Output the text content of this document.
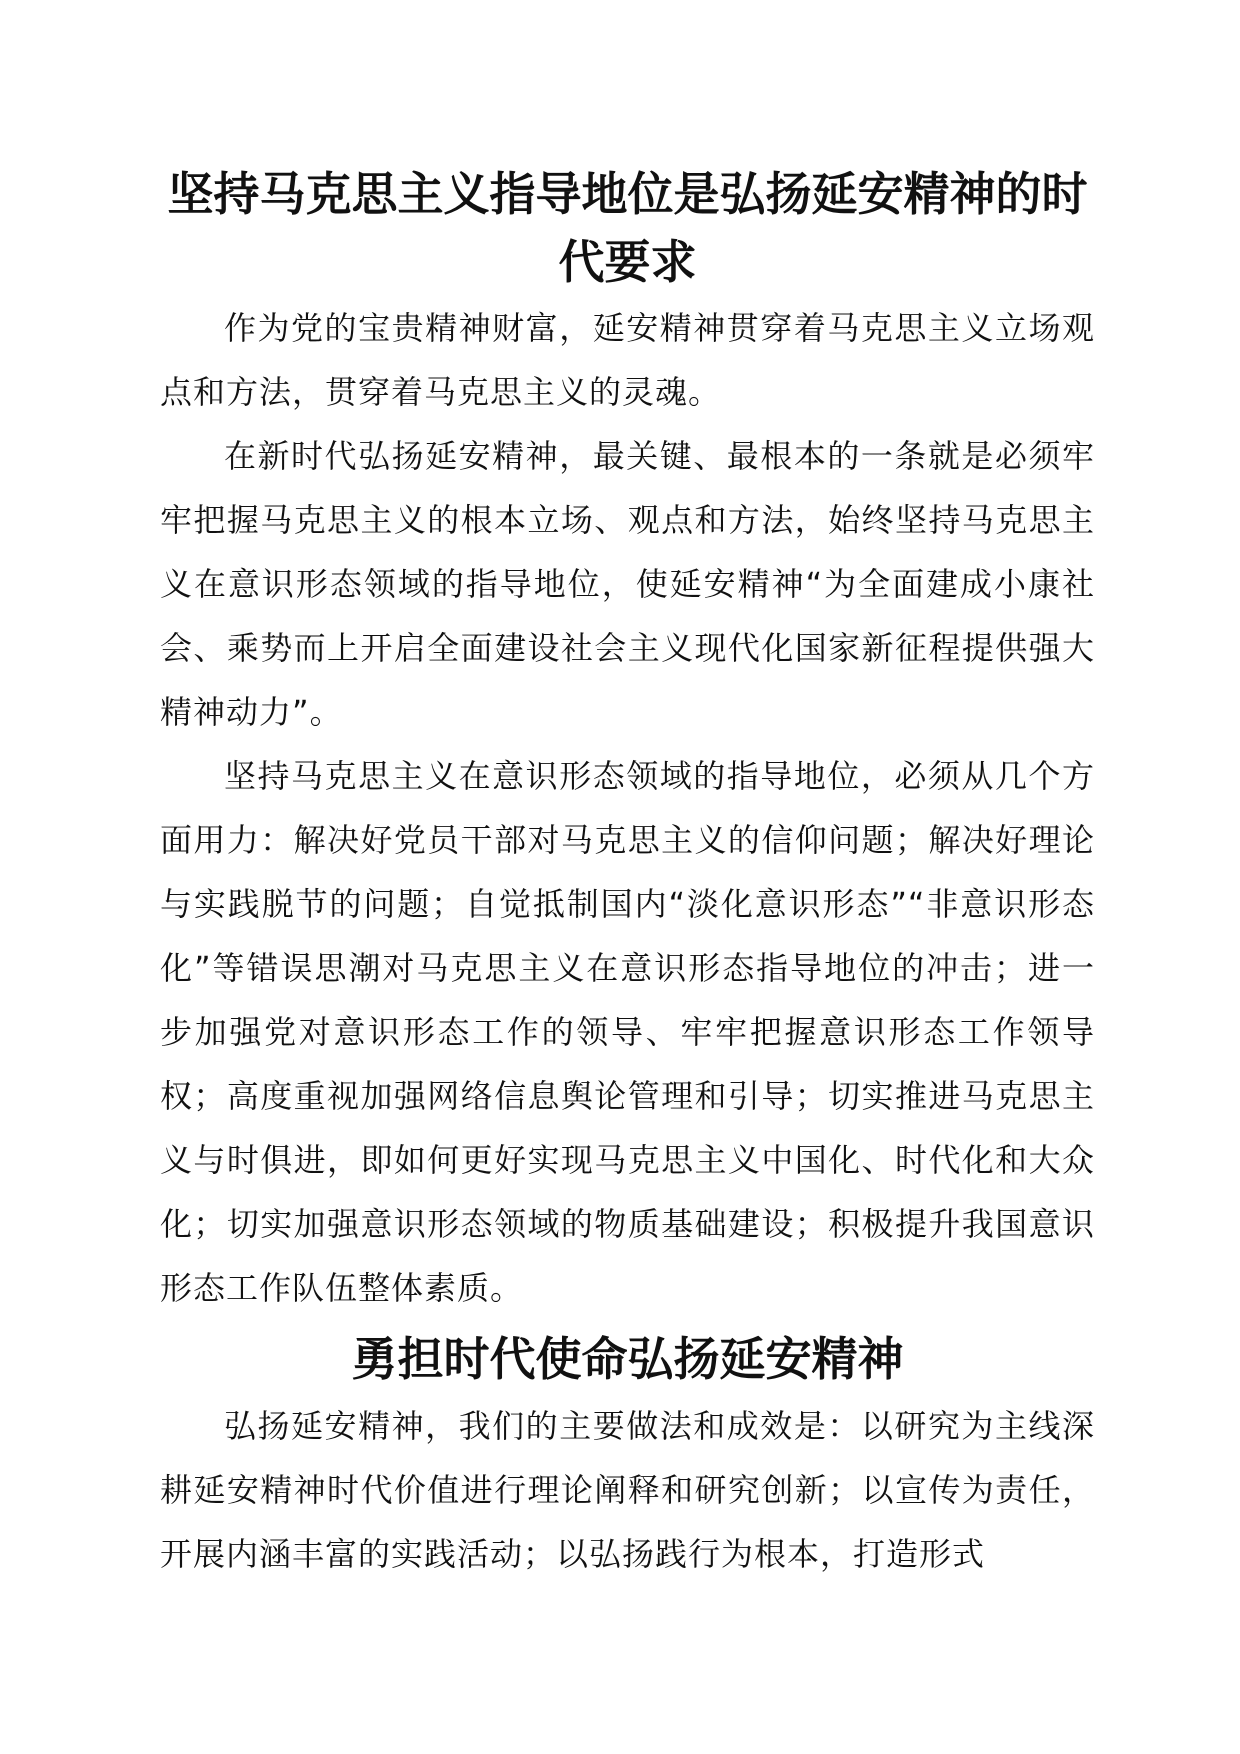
坚持马克思主义指导地位是弘扬延安精神的时
代要求

作为党的宝贵精神财富，延安精神贯穿着马克思主义立场观点和方法，贯穿着马克思主义的灵魂。

在新时代弘扬延安精神，最关键、最根本的一条就是必须牢牢把握马克思主义的根本立场、观点和方法，始终坚持马克思主义在意识形态领域的指导地位，使延安精神“为全面建成小康社会、乘势而上开启全面建设社会主义现代化国家新征程提供强大精神动力”。

坚持马克思主义在意识形态领域的指导地位，必须从几个方面用力：解决好党员干部对马克思主义的信仰问题；解决好理论与实践脱节的问题；自觉抵制国内“淡化意识形态”“非意识形态化”等错误思潮对马克思主义在意识形态指导地位的冲击；进一步加强党对意识形态工作的领导、牢牢把握意识形态工作领导权；高度重视加强网络信息舆论管理和引导；切实推进马克思主义与时俱进，即如何更好实现马克思主义中国化、时代化和大众化；切实加强意识形态领域的物质基础建设；积极提升我国意识形态工作队伍整体素质。

勇担时代使命弘扬延安精神

弘扬延安精神，我们的主要做法和成效是：以研究为主线深耕延安精神时代价值进行理论阐释和研究创新；以宣传为责任，开展内涵丰富的实践活动；以弘扬践行为根本，打造形式
